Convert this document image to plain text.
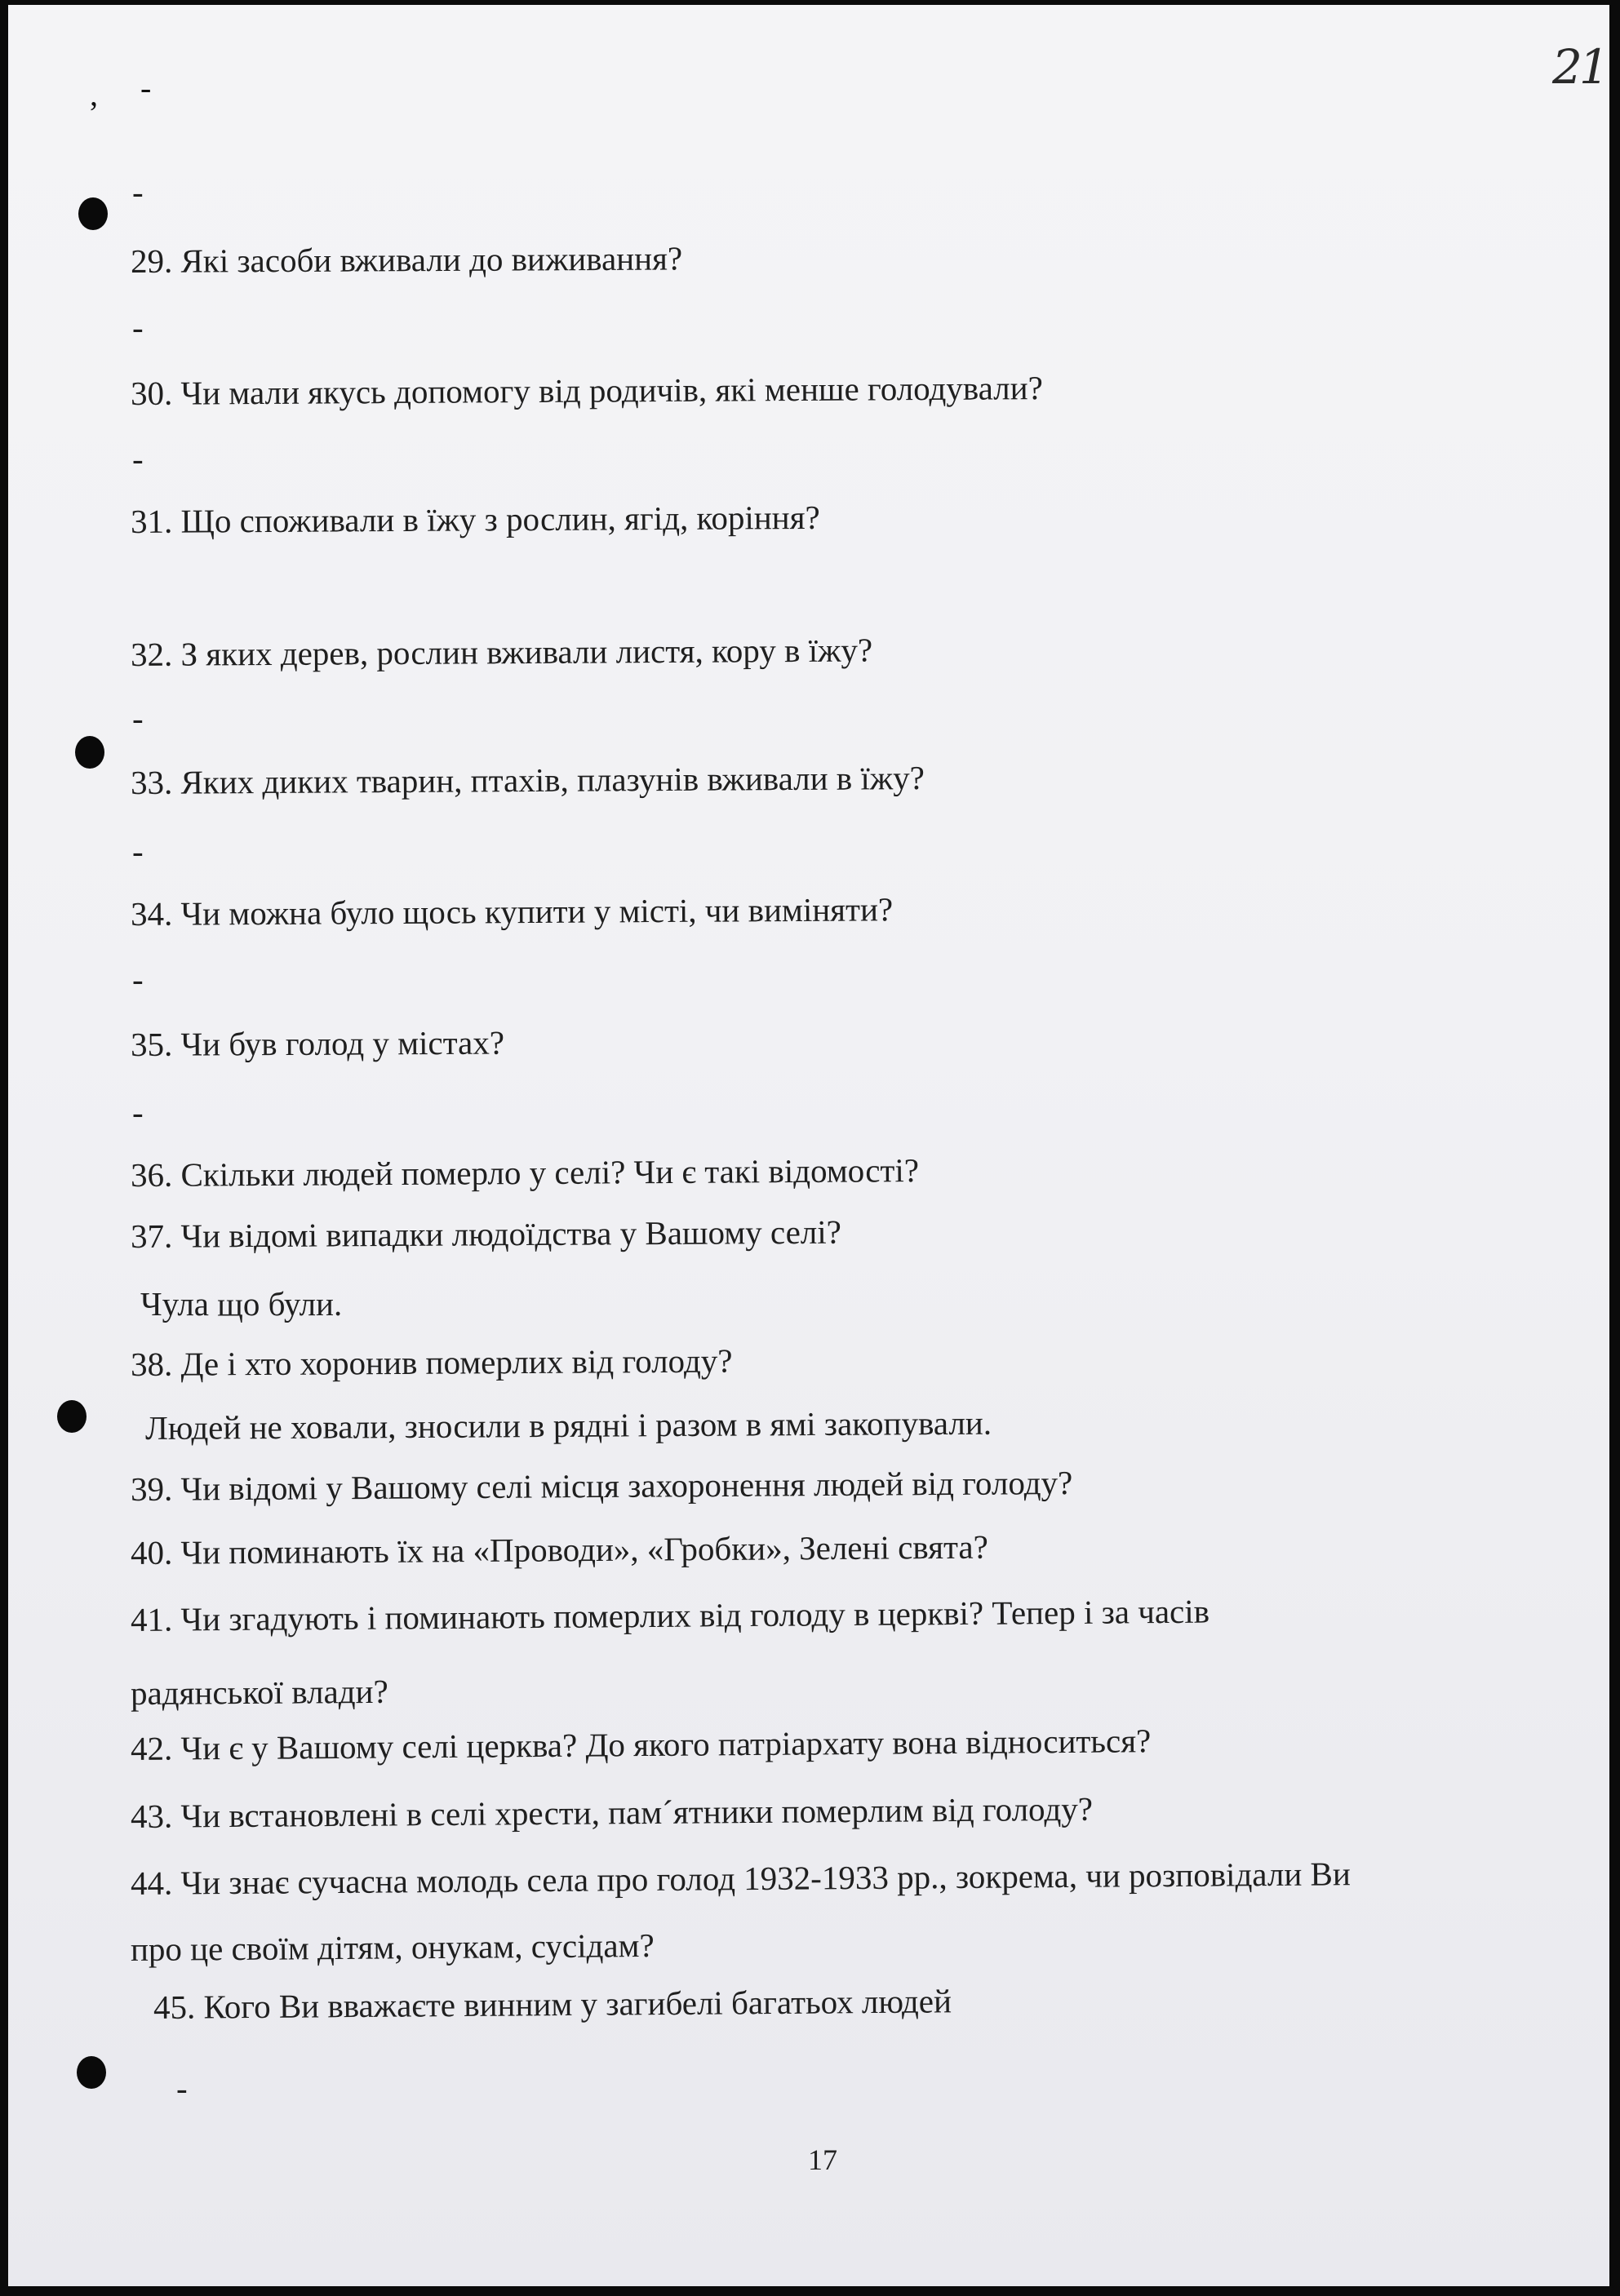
21
, -
-
29. Які засоби вживали до виживання?
-
30. Чи мали якусь допомогу від родичів, які менше голодували?
-
31. Що споживали в їжу з рослин, ягід, коріння?
32. З яких дерев, рослин вживали листя, кору в їжу?
-
33. Яких диких тварин, птахів, плазунів вживали в їжу?
-
34. Чи можна було щось купити у місті, чи виміняти?
-
35. Чи був голод у містах?
-
36. Скільки людей померло у селі? Чи є такі відомості?
37. Чи відомі випадки людоїдства у Вашому селі?
Чула що були.
38. Де і хто хоронив померлих від голоду?
Людей не ховали, зносили в рядні і разом в ямі закопували.
39. Чи відомі у Вашому селі місця захоронення людей від голоду?
40. Чи поминають їх на «Проводи», «Гробки», Зелені свята?
41. Чи згадують і поминають померлих від голоду в церкві? Тепер і за часів
радянської влади?
42. Чи є у Вашому селі церква? До якого патріархату вона відноситься?
43. Чи встановлені в селі хрести, пам´ятники померлим від голоду?
44. Чи знає сучасна молодь села про голод 1932-1933 рр., зокрема, чи розповідали Ви
про це своїм дітям, онукам, сусідам?
45. Кого Ви вважаєте винним у загибелі багатьох людей
-
17
